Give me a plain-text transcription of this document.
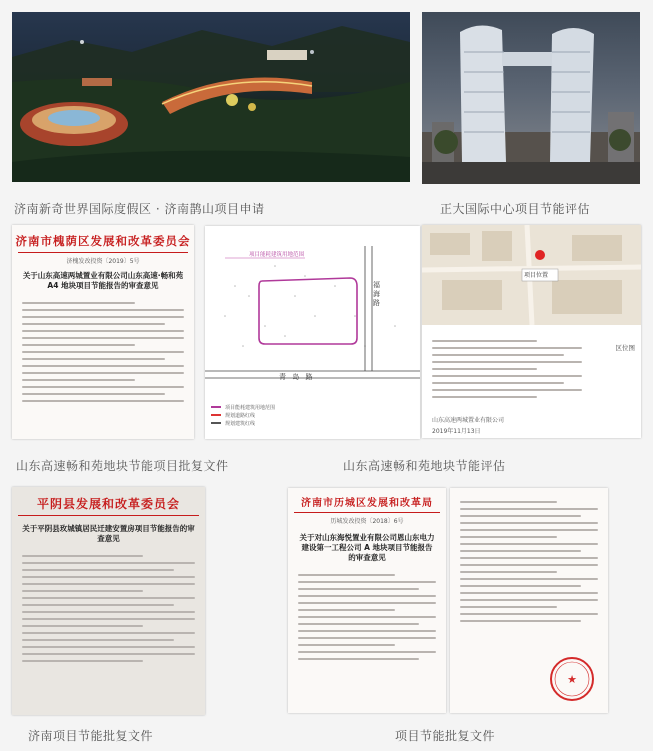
济南新奇世界国际度假区 · 济南鹊山项目申请	正大国际中心项目节能评估
济南市槐荫区发展和改革委员会
济槐发改投资〔2019〕5号
关于山东高速两城置业有限公司山东高速·畅和苑 A4 地块项目节能报告的审查意见
项目能耗建筑用地范围
青 岛 路
福 海 路
项目能耗建筑用地范围
规划道路红线
规划建筑红线
项目位置
区位图
山东高速两城置业有限公司
2019年11月13日
山东高速畅和苑地块节能项目批复文件	山东高速畅和苑地块节能评估
平阴县发展和改革委员会
关于平阴县玫城镇居民迁建安置房项目节能报告的审查意见
济南市历城区发展和改革局
历城发改投资〔2018〕6号
关于对山东海悦置业有限公司恩山东电力建设第一工程公司 A 地块项目节能报告的审查意见
★
济南项目节能批复文件	项目节能批复文件
